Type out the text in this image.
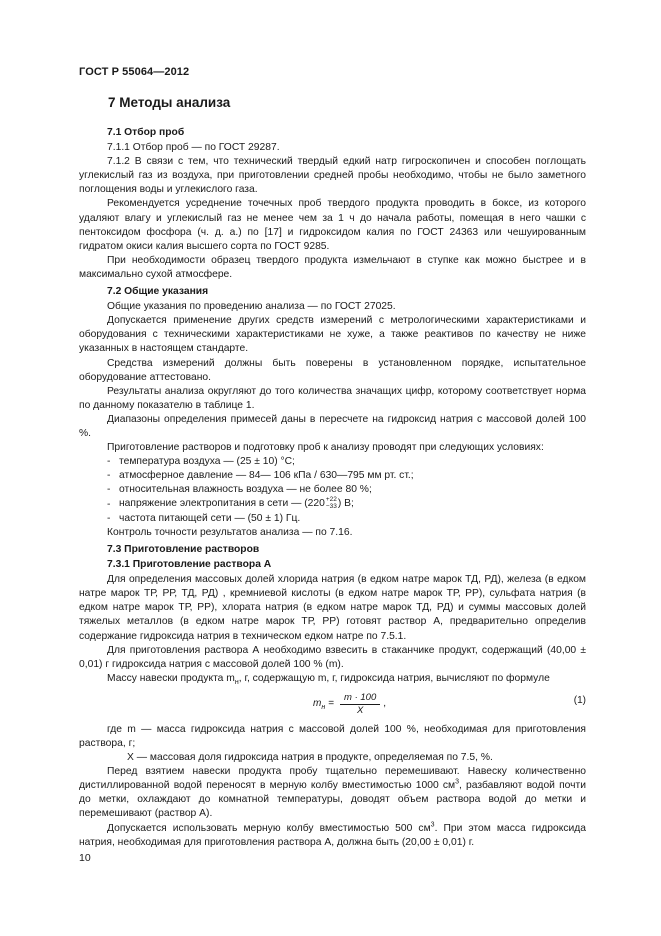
ГОСТ Р 55064—2012
7 Методы анализа

7.1 Отбор проб

7.1.1 Отбор проб — по ГОСТ 29287.

7.1.2 В связи с тем, что технический твердый едкий натр гигроскопичен и способен поглощать углекислый газ из воздуха, при приготовлении средней пробы необходимо, чтобы не было заметного поглощения воды и углекислого газа.

Рекомендуется усреднение точечных проб твердого продукта проводить в боксе, из которого удаляют влагу и углекислый газ не менее чем за 1 ч до начала работы, помещая в него чашки с пентоксидом фосфора (ч. д. а.) по [17] и гидроксидом калия по ГОСТ 24363 или чешуированным гидратом окиси калия высшего сорта по ГОСТ 9285.

При необходимости образец твердого продукта измельчают в ступке как можно быстрее и в максимально сухой атмосфере.

7.2 Общие указания

Общие указания по проведению анализа — по ГОСТ 27025.

Допускается применение других средств измерений с метрологическими характеристиками и оборудования с техническими характеристиками не хуже, а также реактивов по качеству не ниже указанных в настоящем стандарте.

Средства измерений должны быть поверены в установленном порядке, испытательное оборудование аттестовано.

Результаты анализа округляют до того количества значащих цифр, которому соответствует норма по данному показателю в таблице 1.

Диапазоны определения примесей даны в пересчете на гидроксид натрия с массовой долей 100 %.

Приготовление растворов и подготовку проб к анализу проводят при следующих условиях:

- температура воздуха — (25 ± 10) °С;
- атмосферное давление — 84— 106 кПа / 630—795 мм рт. ст.;
- относительная влажность воздуха — не более 80 %;
- напряжение электропитания в сети — (220 +22
−33 ) В;
- частота питающей сети — (50 ± 1) Гц.

Контроль точности результатов анализа — по 7.16.

7.3 Приготовление растворов

7.3.1 Приготовление раствора А

Для определения массовых долей хлорида натрия (в едком натре марок ТД, РД), железа (в едком натре марок ТР, РР, ТД, РД) , кремниевой кислоты (в едком натре марок ТР, РР), сульфата натрия (в едком натре марок ТР, РР), хлората натрия (в едком натре марок ТД, РД) и суммы массовых долей тяжелых металлов (в едком натре марок ТР, РР) готовят раствор А, предварительно определив содержание гидроксида натрия в техническом едком натре по 7.5.1.

Для приготовления раствора А необходимо взвесить в стаканчике продукт, содержащий (40,00 ± 0,01) г гидроксида натрия с массовой долей 100 % (m).

Массу навески продукта $m_н$, г, содержащую m, г, гидроксида натрия, вычисляют по формуле

$m_н = \frac{m \cdot 100}{X}$ ,	(1)

где m — масса гидроксида натрия с массовой долей 100 %, необходимая для приготовления раствора, г;

X — массовая доля гидроксида натрия в продукте, определяемая по 7.5, %.

Перед взятием навески продукта пробу тщательно перемешивают. Навеску количественно дистиллированной водой переносят в мерную колбу вместимостью 1000 $см^3$, разбавляют водой почти до метки, охлаждают до комнатной температуры, доводят объем раствора водой до метки и перемешивают (раствор А).

Допускается использовать мерную колбу вместимостью 500 $см^3$. При этом масса гидроксида натрия, необходимая для приготовления раствора А, должна быть (20,00 ± 0,01) г.

10
